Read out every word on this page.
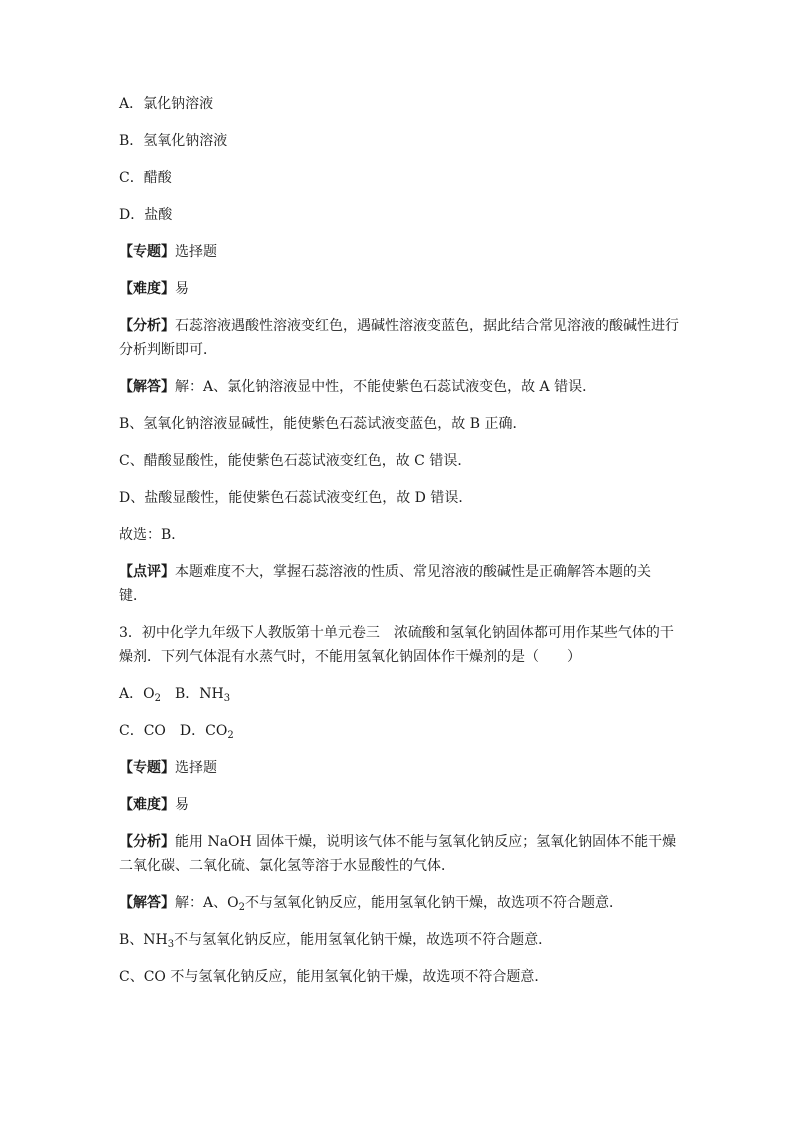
A．氯化钠溶液

B．氢氧化钠溶液

C．醋酸

D．盐酸

【专题】选择题

【难度】易

【分析】石蕊溶液遇酸性溶液变红色，遇碱性溶液变蓝色，据此结合常见溶液的酸碱性进行

分析判断即可．

【解答】解：A、氯化钠溶液显中性，不能使紫色石蕊试液变色，故 A 错误．

B、氢氧化钠溶液显碱性，能使紫色石蕊试液变蓝色，故 B 正确．

C、醋酸显酸性，能使紫色石蕊试液变红色，故 C 错误．

D、盐酸显酸性，能使紫色石蕊试液变红色，故 D 错误．

故选：B．

【点评】本题难度不大，掌握石蕊溶液的性质、常见溶液的酸碱性是正确解答本题的关

键．

3．初中化学九年级下人教版第十单元卷三　浓硫酸和氢氧化钠固体都可用作某些气体的干

燥剂．下列气体混有水蒸气时，不能用氢氧化钠固体作干燥剂的是（　　）

A．$O_2$　B．$NH_3$

C．CO　D．$CO_2$

【专题】选择题

【难度】易

【分析】能用 NaOH 固体干燥，说明该气体不能与氢氧化钠反应；氢氧化钠固体不能干燥

二氧化碳、二氧化硫、氯化氢等溶于水显酸性的气体．

【解答】解：A、$O_2$不与氢氧化钠反应，能用氢氧化钠干燥，故选项不符合题意．

B、$NH_3$不与氢氧化钠反应，能用氢氧化钠干燥，故选项不符合题意．

C、CO 不与氢氧化钠反应，能用氢氧化钠干燥，故选项不符合题意．
